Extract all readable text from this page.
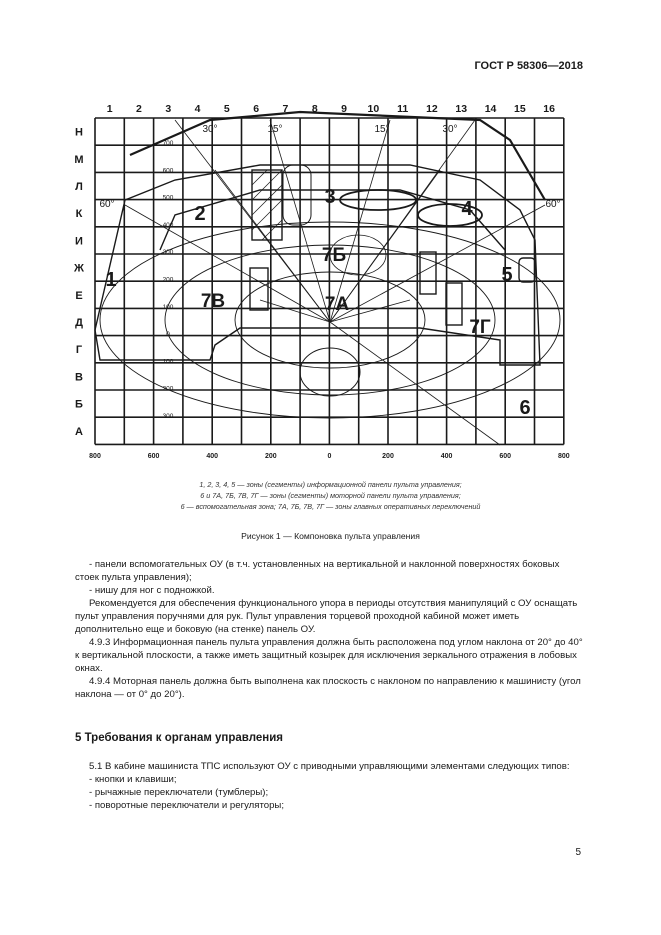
ГОСТ Р 58306—2018
1 2 3 4 5 6 7 8 9 10 11 12 13 14 15 16
Н
М
Л
К
И
Ж
Е
Д
Г
В
Б
А
700
600
500
400
300
200
100
0
100
200
300
800	600	400	200	0	200	400	600	800
30°	15°	15°	30°
60°	60°
1
2
3
4
5
6
7А
7Б
7В
7Г
1, 2, 3, 4, 5 — зоны (сегменты) информационной панели пульта управления;
6 и 7А, 7Б, 7В, 7Г — зоны (сегменты) моторной панели пульта управления;
6 — вспомогательная зона; 7А, 7Б, 7В, 7Г — зоны главных оперативных переключений
Рисунок 1 — Компоновка пульта управления

- панели вспомогательных ОУ (в т.ч. установленных на вертикальной и наклонной поверхностях боковых стоек пульта управления);

- нишу для ног с подножкой.

Рекомендуется для обеспечения функционального упора в периоды отсутствия манипуляций с ОУ оснащать пульт управления поручнями для рук. Пульт управления торцевой проходной кабиной может иметь дополнительно еще и боковую (на стенке) панель ОУ.

4.9.3 Информационная панель пульта управления должна быть расположена под углом наклона от 20° до 40° к вертикальной плоскости, а также иметь защитный козырек для исключения зеркального отражения в лобовых окнах.

4.9.4 Моторная панель должна быть выполнена как плоскость с наклоном по направлению к машинисту (угол наклона — от 0° до 20°).

5 Требования к органам управления

5.1 В кабине машиниста ТПС используют ОУ с приводными управляющими элементами следующих типов:

- кнопки и клавиши;

- рычажные переключатели (тумблеры);

- поворотные переключатели и регуляторы;

5
